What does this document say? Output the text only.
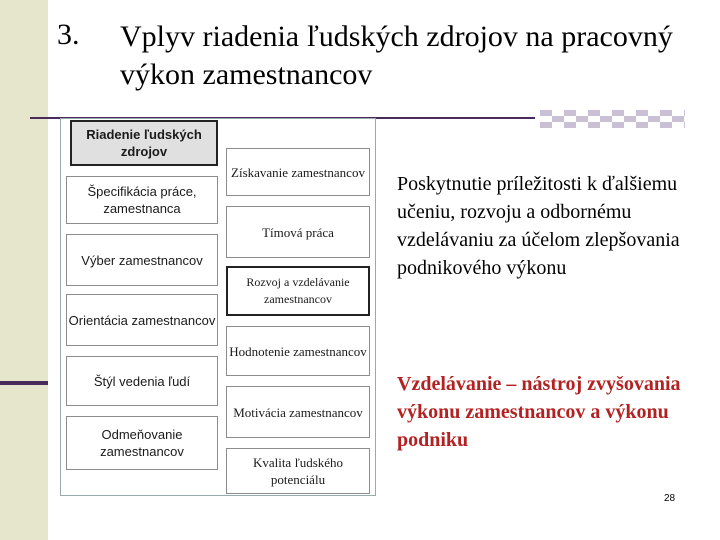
3. Vplyv riadenia ľudských zdrojov na pracovný výkon zamestnancov
Riadenie ľudských zdrojov
Špecifikácia práce, zamestnanca
Výber zamestnancov
Orientácia zamestnancov
Štýl vedenia ľudí
Odmeňovanie zamestnancov
Získavanie zamestnancov
Tímová práca
Rozvoj a vzdelávanie zamestnancov
Hodnotenie zamestnancov
Motivácia zamestnancov
Kvalita ľudského potenciálu
Poskytnutie príležitosti k ďalšiemu učeniu, rozvoju a odbornému vzdelávaniu za účelom zlepšovania podnikového výkonu
Vzdelávanie – nástroj zvyšovania výkonu zamestnancov a výkonu podniku
28
